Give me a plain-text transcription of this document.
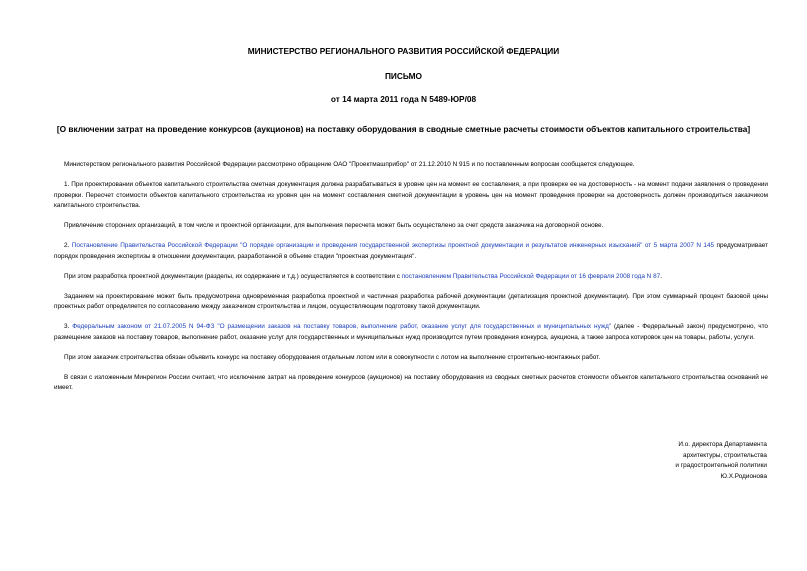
МИНИСТЕРСТВО РЕГИОНАЛЬНОГО РАЗВИТИЯ РОССИЙСКОЙ ФЕДЕРАЦИИ
ПИСЬМО
от 14 марта 2011 года N 5489-ЮР/08
[О включении затрат на проведение конкурсов (аукционов) на поставку оборудования в сводные сметные расчеты стоимости объектов капитального строительства]

Министерством регионального развития Российской Федерации рассмотрено обращение ОАО "Проектмашприбор" от 21.12.2010 N 915 и по поставленным вопросам сообщается следующее.

1. При проектировании объектов капитального строительства сметная документация должна разрабатываться в уровне цен на момент ее составления, а при проверке ее на достоверность - на момент подачи заявления о проведении проверки. Пересчет стоимости объектов капитального строительства из уровня цен на момент составления сметной документации в уровень цен на момент проведения проверки на достоверность должен производиться заказчиком капитального строительства.

Привлечение сторонних организаций, в том числе и проектной организации, для выполнения пересчета может быть осуществлено за счет средств заказчика на договорной основе.

2. Постановление Правительства Российской Федерации "О порядке организации и проведения государственной экспертизы проектной документации и результатов инженерных изысканий" от 5 марта 2007 N 145 предусматривает порядок проведения экспертизы в отношении документации, разработанной в объеме стадии "проектная документация".

При этом разработка проектной документации (разделы, их содержание и т.д.) осуществляется в соответствии с постановлением Правительства Российской Федерации от 16 февраля 2008 года N 87.

Заданием на проектирование может быть предусмотрена одновременная разработка проектной и частичная разработка рабочей документации (детализация проектной документации). При этом суммарный процент базовой цены проектных работ определяется по согласованию между заказчиком строительства и лицом, осуществляющим подготовку такой документации.

3. Федеральным законом от 21.07.2005 N 94-ФЗ "О размещении заказов на поставку товаров, выполнение работ, оказание услуг для государственных и муниципальных нужд" (далее - Федеральный закон) предусмотрено, что размещение заказов на поставку товаров, выполнение работ, оказание услуг для государственных и муниципальных нужд производится путем проведения конкурса, аукциона, а также запроса котировок цен на товары, работы, услуги.

При этом заказчик строительства обязан объявить конкурс на поставку оборудования отдельным лотом или в совокупности с лотом на выполнение строительно-монтажных работ.

В связи с изложенным Минрегион России считает, что исключение затрат на проведение конкурсов (аукционов) на поставку оборудования из сводных сметных расчетов стоимости объектов капитального строительства оснований не имеет.

И.о. директора Департамента
архитектуры, строительства
и градостроительной политики
Ю.Х.Родионова
